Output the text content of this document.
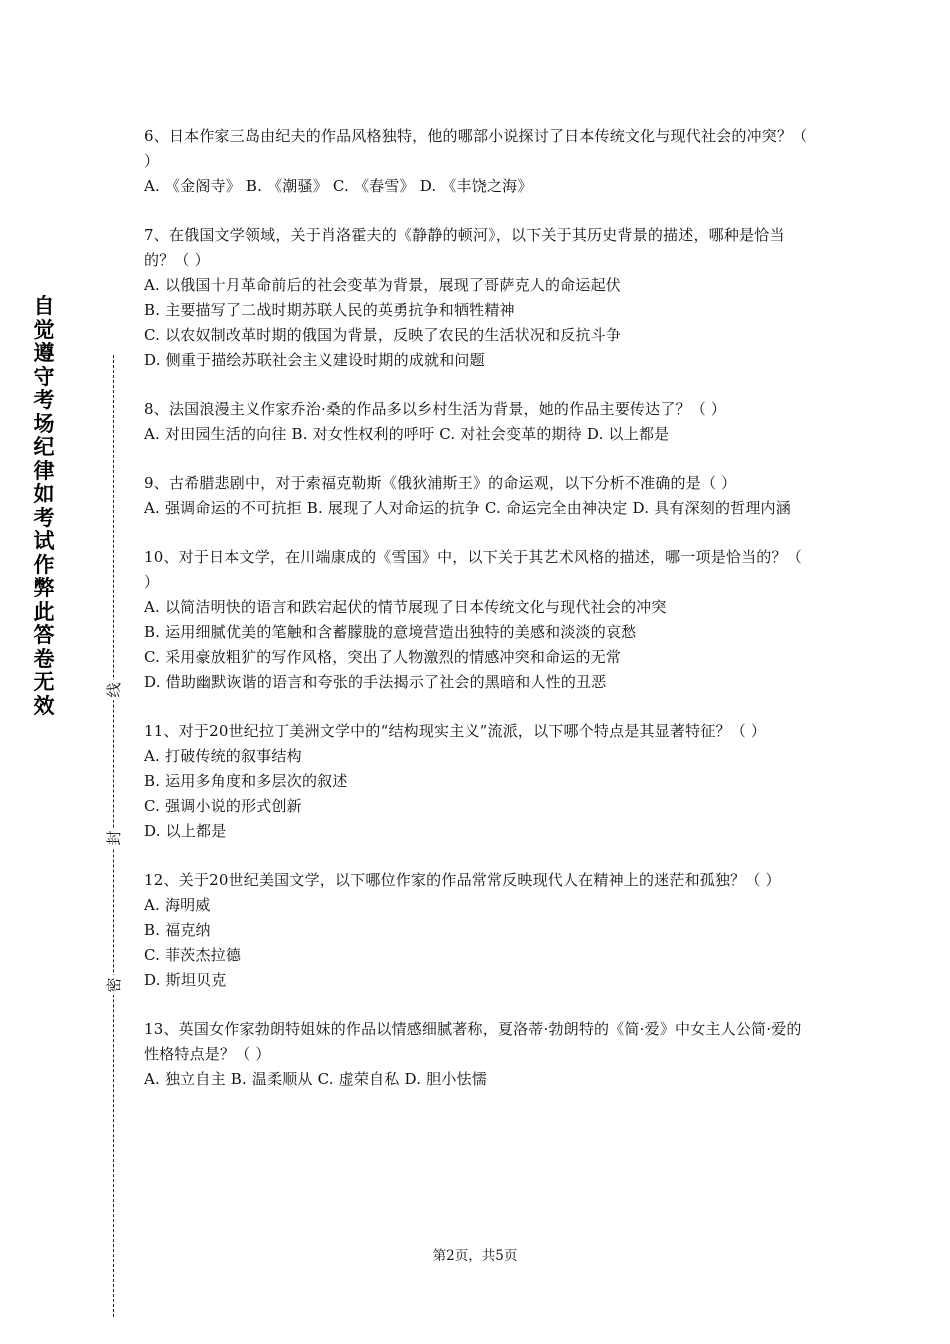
自觉遵守考场纪律如考试作弊此答卷无效
线
封
密
6、日本作家三岛由纪夫的作品风格独特，他的哪部小说探讨了日本传统文化与现代社会的冲突？（ ）
A. 《金阁寺》 B. 《潮骚》 C. 《春雪》 D. 《丰饶之海》
7、在俄国文学领域，关于肖洛霍夫的《静静的顿河》，以下关于其历史背景的描述，哪种是恰当的？（ ）
A. 以俄国十月革命前后的社会变革为背景，展现了哥萨克人的命运起伏
B. 主要描写了二战时期苏联人民的英勇抗争和牺牲精神
C. 以农奴制改革时期的俄国为背景，反映了农民的生活状况和反抗斗争
D. 侧重于描绘苏联社会主义建设时期的成就和问题
8、法国浪漫主义作家乔治·桑的作品多以乡村生活为背景，她的作品主要传达了？（ ）
A. 对田园生活的向往 B. 对女性权利的呼吁 C. 对社会变革的期待 D. 以上都是
9、古希腊悲剧中，对于索福克勒斯《俄狄浦斯王》的命运观，以下分析不准确的是（ ）
A. 强调命运的不可抗拒 B. 展现了人对命运的抗争 C. 命运完全由神决定 D. 具有深刻的哲理内涵
10、对于日本文学，在川端康成的《雪国》中，以下关于其艺术风格的描述，哪一项是恰当的？（ ）
A. 以简洁明快的语言和跌宕起伏的情节展现了日本传统文化与现代社会的冲突
B. 运用细腻优美的笔触和含蓄朦胧的意境营造出独特的美感和淡淡的哀愁
C. 采用豪放粗犷的写作风格，突出了人物激烈的情感冲突和命运的无常
D. 借助幽默诙谐的语言和夸张的手法揭示了社会的黑暗和人性的丑恶
11、对于20世纪拉丁美洲文学中的“结构现实主义”流派，以下哪个特点是其显著特征？（ ）
A. 打破传统的叙事结构
B. 运用多角度和多层次的叙述
C. 强调小说的形式创新
D. 以上都是
12、关于20世纪美国文学，以下哪位作家的作品常常反映现代人在精神上的迷茫和孤独？（ ）
A. 海明威
B. 福克纳
C. 菲茨杰拉德
D. 斯坦贝克
13、英国女作家勃朗特姐妹的作品以情感细腻著称，夏洛蒂·勃朗特的《简·爱》中女主人公简·爱的性格特点是？（ ）
A. 独立自主 B. 温柔顺从 C. 虚荣自私 D. 胆小怯懦
第2页，共5页
